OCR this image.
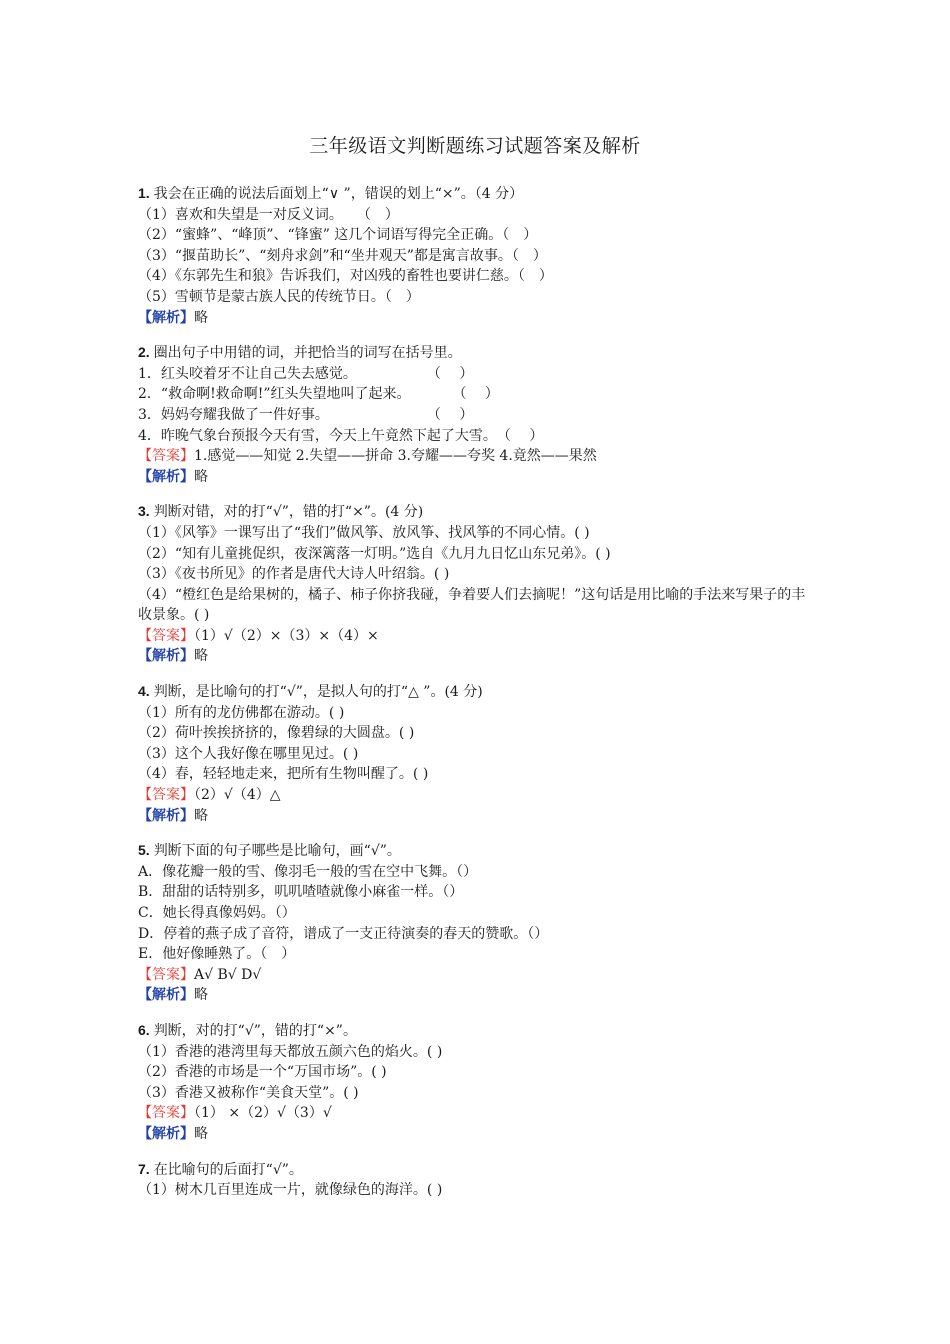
三年级语文判断题练习试题答案及解析
1. 我会在正确的说法后面划上“∨ ”，错误的划上“×”。（4 分）
（1）喜欢和失望是一对反义词。　　（　）
（2）“蜜蜂”、“峰顶”、“锋蜜” 这几个词语写得完全正确。（　）
（3）“揠苗助长”、“刻舟求剑”和“坐井观天”都是寓言故事。（　）
（4）《东郭先生和狼》告诉我们，对凶残的畜牲也要讲仁慈。（　）
（5）雪顿节是蒙古族人民的传统节日。（　）
【解析】略
2. 圈出句子中用错的词，并把恰当的词写在括号里。
1．红头咬着牙不让自己失去感觉。　　　　　　（　 ）
2．“救命啊!救命啊!”红头失望地叫了起来。　　　　（　 ）
3．妈妈夸耀我做了一件好事。　　　　　　　　（　 ）
4．昨晚气象台预报今天有雪，今天上午竟然下起了大雪。　（　 ）
【答案】1.感觉——知觉 2.失望——拼命 3.夸耀——夸奖 4.竟然——果然
【解析】略
3. 判断对错，对的打“√”，错的打“×”。(4 分)
（1）《风筝》一课写出了“我们”做风筝、放风筝、找风筝的不同心情。( )
（2）“知有儿童挑促织，夜深篱落一灯明。”选自《九月九日忆山东兄弟》。( )
（3）《夜书所见》的作者是唐代大诗人叶绍翁。( )
（4）“橙红色是给果树的，橘子、柿子你挤我碰，争着要人们去摘呢！”这句话是用比喻的手法来写果子的丰收景象。( )
【答案】（1）√（2）×（3）×（4）×
【解析】略
4. 判断，是比喻句的打“√”，是拟人句的打“△ ”。(4 分)
（1）所有的龙仿佛都在游动。( )
（2）荷叶挨挨挤挤的，像碧绿的大圆盘。( )
（3）这个人我好像在哪里见过。( )
（4）春，轻轻地走来，把所有生物叫醒了。( )
【答案】（2）√（4）△
【解析】略
5. 判断下面的句子哪些是比喻句，画“√”。
A．像花瓣一般的雪、像羽毛一般的雪在空中飞舞。（）
B．甜甜的话特别多，叽叽喳喳就像小麻雀一样。（）
C．她长得真像妈妈。（）
D．停着的燕子成了音符，谱成了一支正待演奏的春天的赞歌。（）
E．他好像睡熟了。（　）
【答案】A√ B√ D√
【解析】略
6. 判断，对的打“√”，错的打“×”。
（1）香港的港湾里每天都放五颜六色的焰火。( )
（2）香港的市场是一个“万国市场”。( )
（3）香港又被称作“美食天堂”。( )
【答案】（1） ×（2）√（3）√
【解析】略
7. 在比喻句的后面打“√”。
（1）树木几百里连成一片，就像绿色的海洋。( )
